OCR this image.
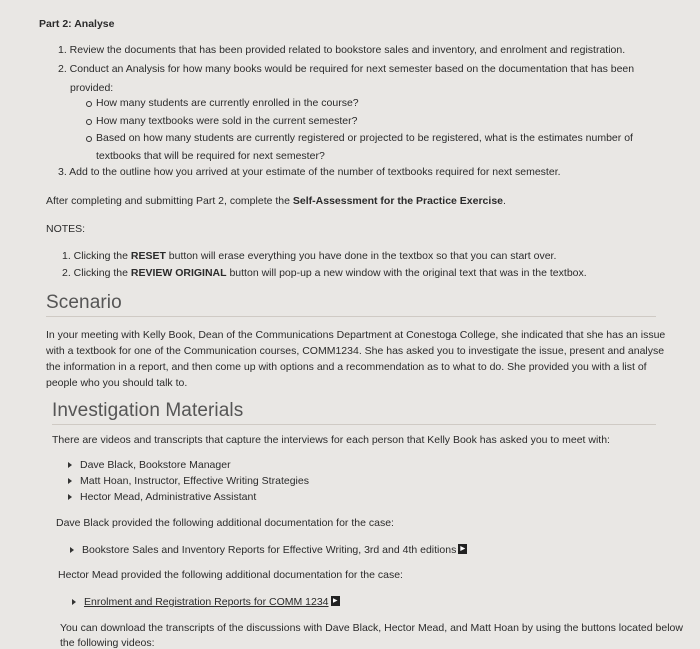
Part 2: Analyse
1. Review the documents that has been provided related to bookstore sales and inventory, and enrolment and registration.
2. Conduct an Analysis for how many books would be required for next semester based on the documentation that has been
provided:
How many students are currently enrolled in the course?
How many textbooks were sold in the current semester?
Based on how many students are currently registered or projected to be registered, what is the estimates number of
textbooks that will be required for next semester?
3. Add to the outline how you arrived at your estimate of the number of textbooks required for next semester.
After completing and submitting Part 2, complete the Self-Assessment for the Practice Exercise.
NOTES:
1. Clicking the RESET button will erase everything you have done in the textbox so that you can start over.
2. Clicking the REVIEW ORIGINAL button will pop-up a new window with the original text that was in the textbox.
Scenario
In your meeting with Kelly Book, Dean of the Communications Department at Conestoga College, she indicated that she has an issue
with a textbook for one of the Communication courses, COMM1234. She has asked you to investigate the issue, present and analyse
the information in a report, and then come up with options and a recommendation as to what to do. She provided you with a list of
people who you should talk to.
Investigation Materials
There are videos and transcripts that capture the interviews for each person that Kelly Book has asked you to meet with:
Dave Black, Bookstore Manager
Matt Hoan, Instructor, Effective Writing Strategies
Hector Mead, Administrative Assistant
Dave Black provided the following additional documentation for the case:
Bookstore Sales and Inventory Reports for Effective Writing, 3rd and 4th editions
Hector Mead provided the following additional documentation for the case:
Enrolment and Registration Reports for COMM 1234
You can download the transcripts of the discussions with Dave Black, Hector Mead, and Matt Hoan by using the buttons located below
the following videos:
